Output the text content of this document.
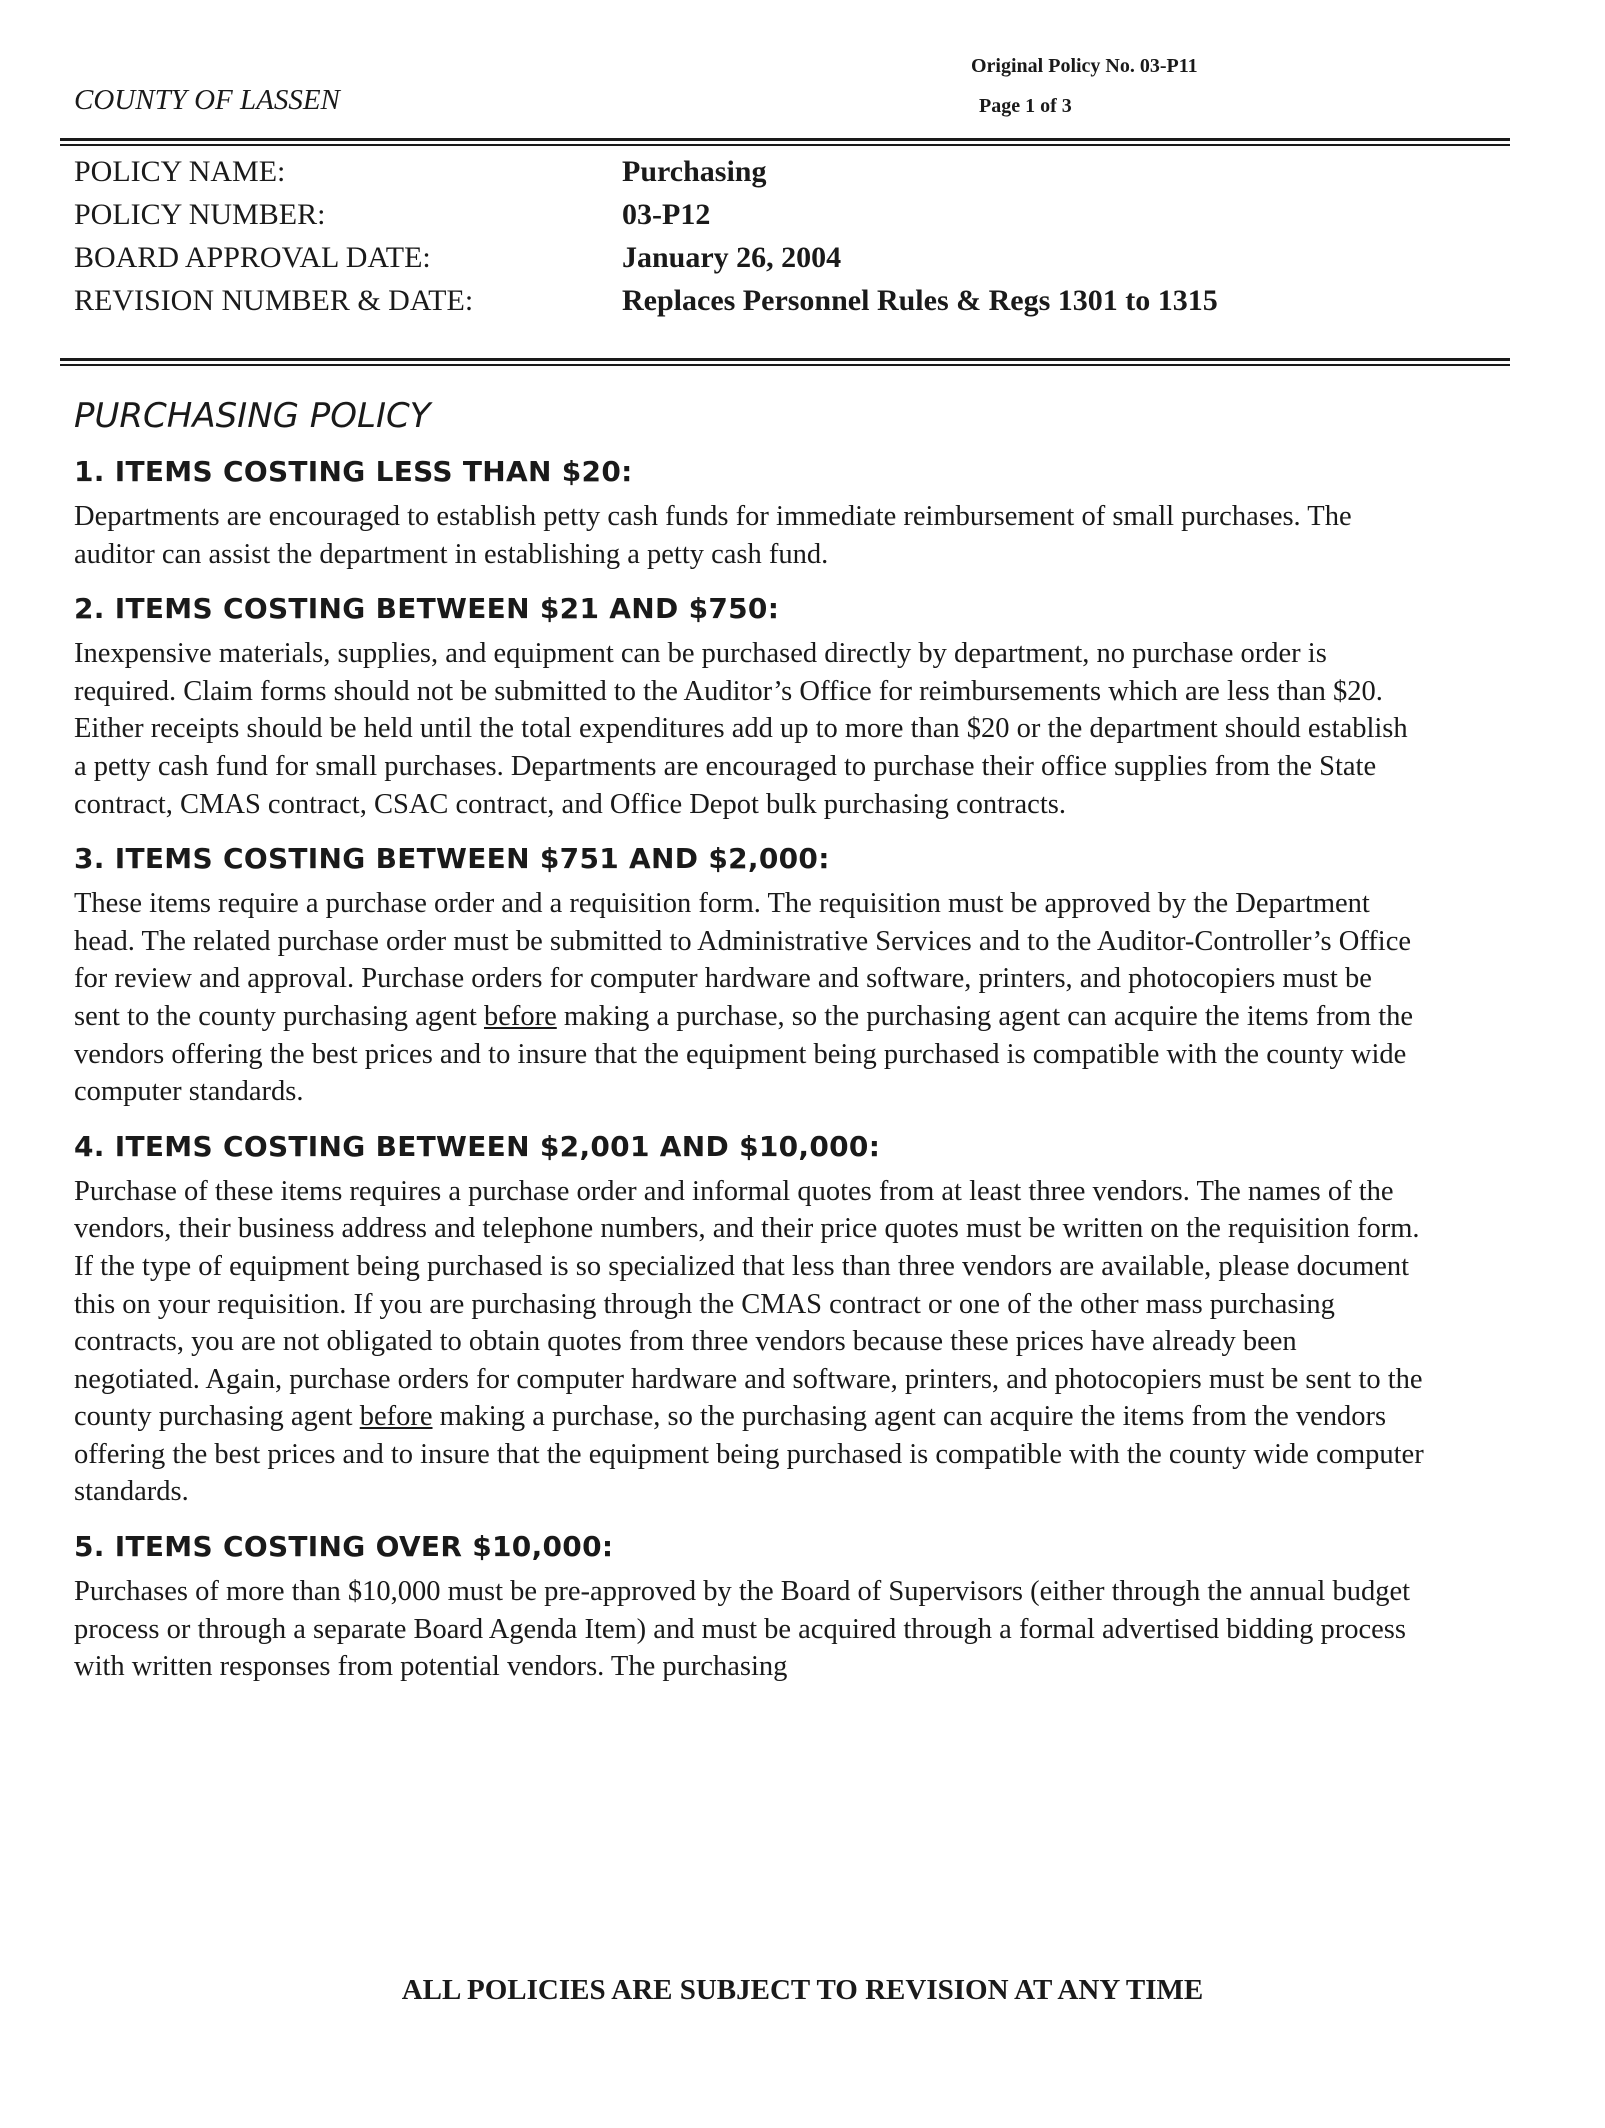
COUNTY OF LASSEN
Original Policy No. 03-P11
Page 1 of 3
POLICY NAME:	Purchasing
POLICY NUMBER:	03-P12
BOARD APPROVAL DATE:	January 26, 2004
REVISION NUMBER & DATE:	Replaces Personnel Rules & Regs 1301 to 1315
PURCHASING POLICY
1. ITEMS COSTING LESS THAN $20:

Departments are encouraged to establish petty cash funds for immediate reimbursement of small purchases. The auditor can assist the department in establishing a petty cash fund.

2. ITEMS COSTING BETWEEN $21 AND $750:

Inexpensive materials, supplies, and equipment can be purchased directly by department, no purchase order is required. Claim forms should not be submitted to the Auditor’s Office for reimbursements which are less than $20. Either receipts should be held until the total expenditures add up to more than $20 or the department should establish a petty cash fund for small purchases. Departments are encouraged to purchase their office supplies from the State contract, CMAS contract, CSAC contract, and Office Depot bulk purchasing contracts.

3. ITEMS COSTING BETWEEN $751 AND $2,000:

These items require a purchase order and a requisition form. The requisition must be approved by the Department head. The related purchase order must be submitted to Administrative Services and to the Auditor-Controller’s Office for review and approval. Purchase orders for computer hardware and software, printers, and photocopiers must be sent to the county purchasing agent before making a purchase, so the purchasing agent can acquire the items from the vendors offering the best prices and to insure that the equipment being purchased is compatible with the county wide computer standards.

4. ITEMS COSTING BETWEEN $2,001 AND $10,000:

Purchase of these items requires a purchase order and informal quotes from at least three vendors. The names of the vendors, their business address and telephone numbers, and their price quotes must be written on the requisition form. If the type of equipment being purchased is so specialized that less than three vendors are available, please document this on your requisition. If you are purchasing through the CMAS contract or one of the other mass purchasing contracts, you are not obligated to obtain quotes from three vendors because these prices have already been negotiated. Again, purchase orders for computer hardware and software, printers, and photocopiers must be sent to the county purchasing agent before making a purchase, so the purchasing agent can acquire the items from the vendors offering the best prices and to insure that the equipment being purchased is compatible with the county wide computer standards.

5. ITEMS COSTING OVER $10,000:

Purchases of more than $10,000 must be pre-approved by the Board of Supervisors (either through the annual budget process or through a separate Board Agenda Item) and must be acquired through a formal advertised bidding process with written responses from potential vendors. The purchasing

ALL POLICIES ARE SUBJECT TO REVISION AT ANY TIME
